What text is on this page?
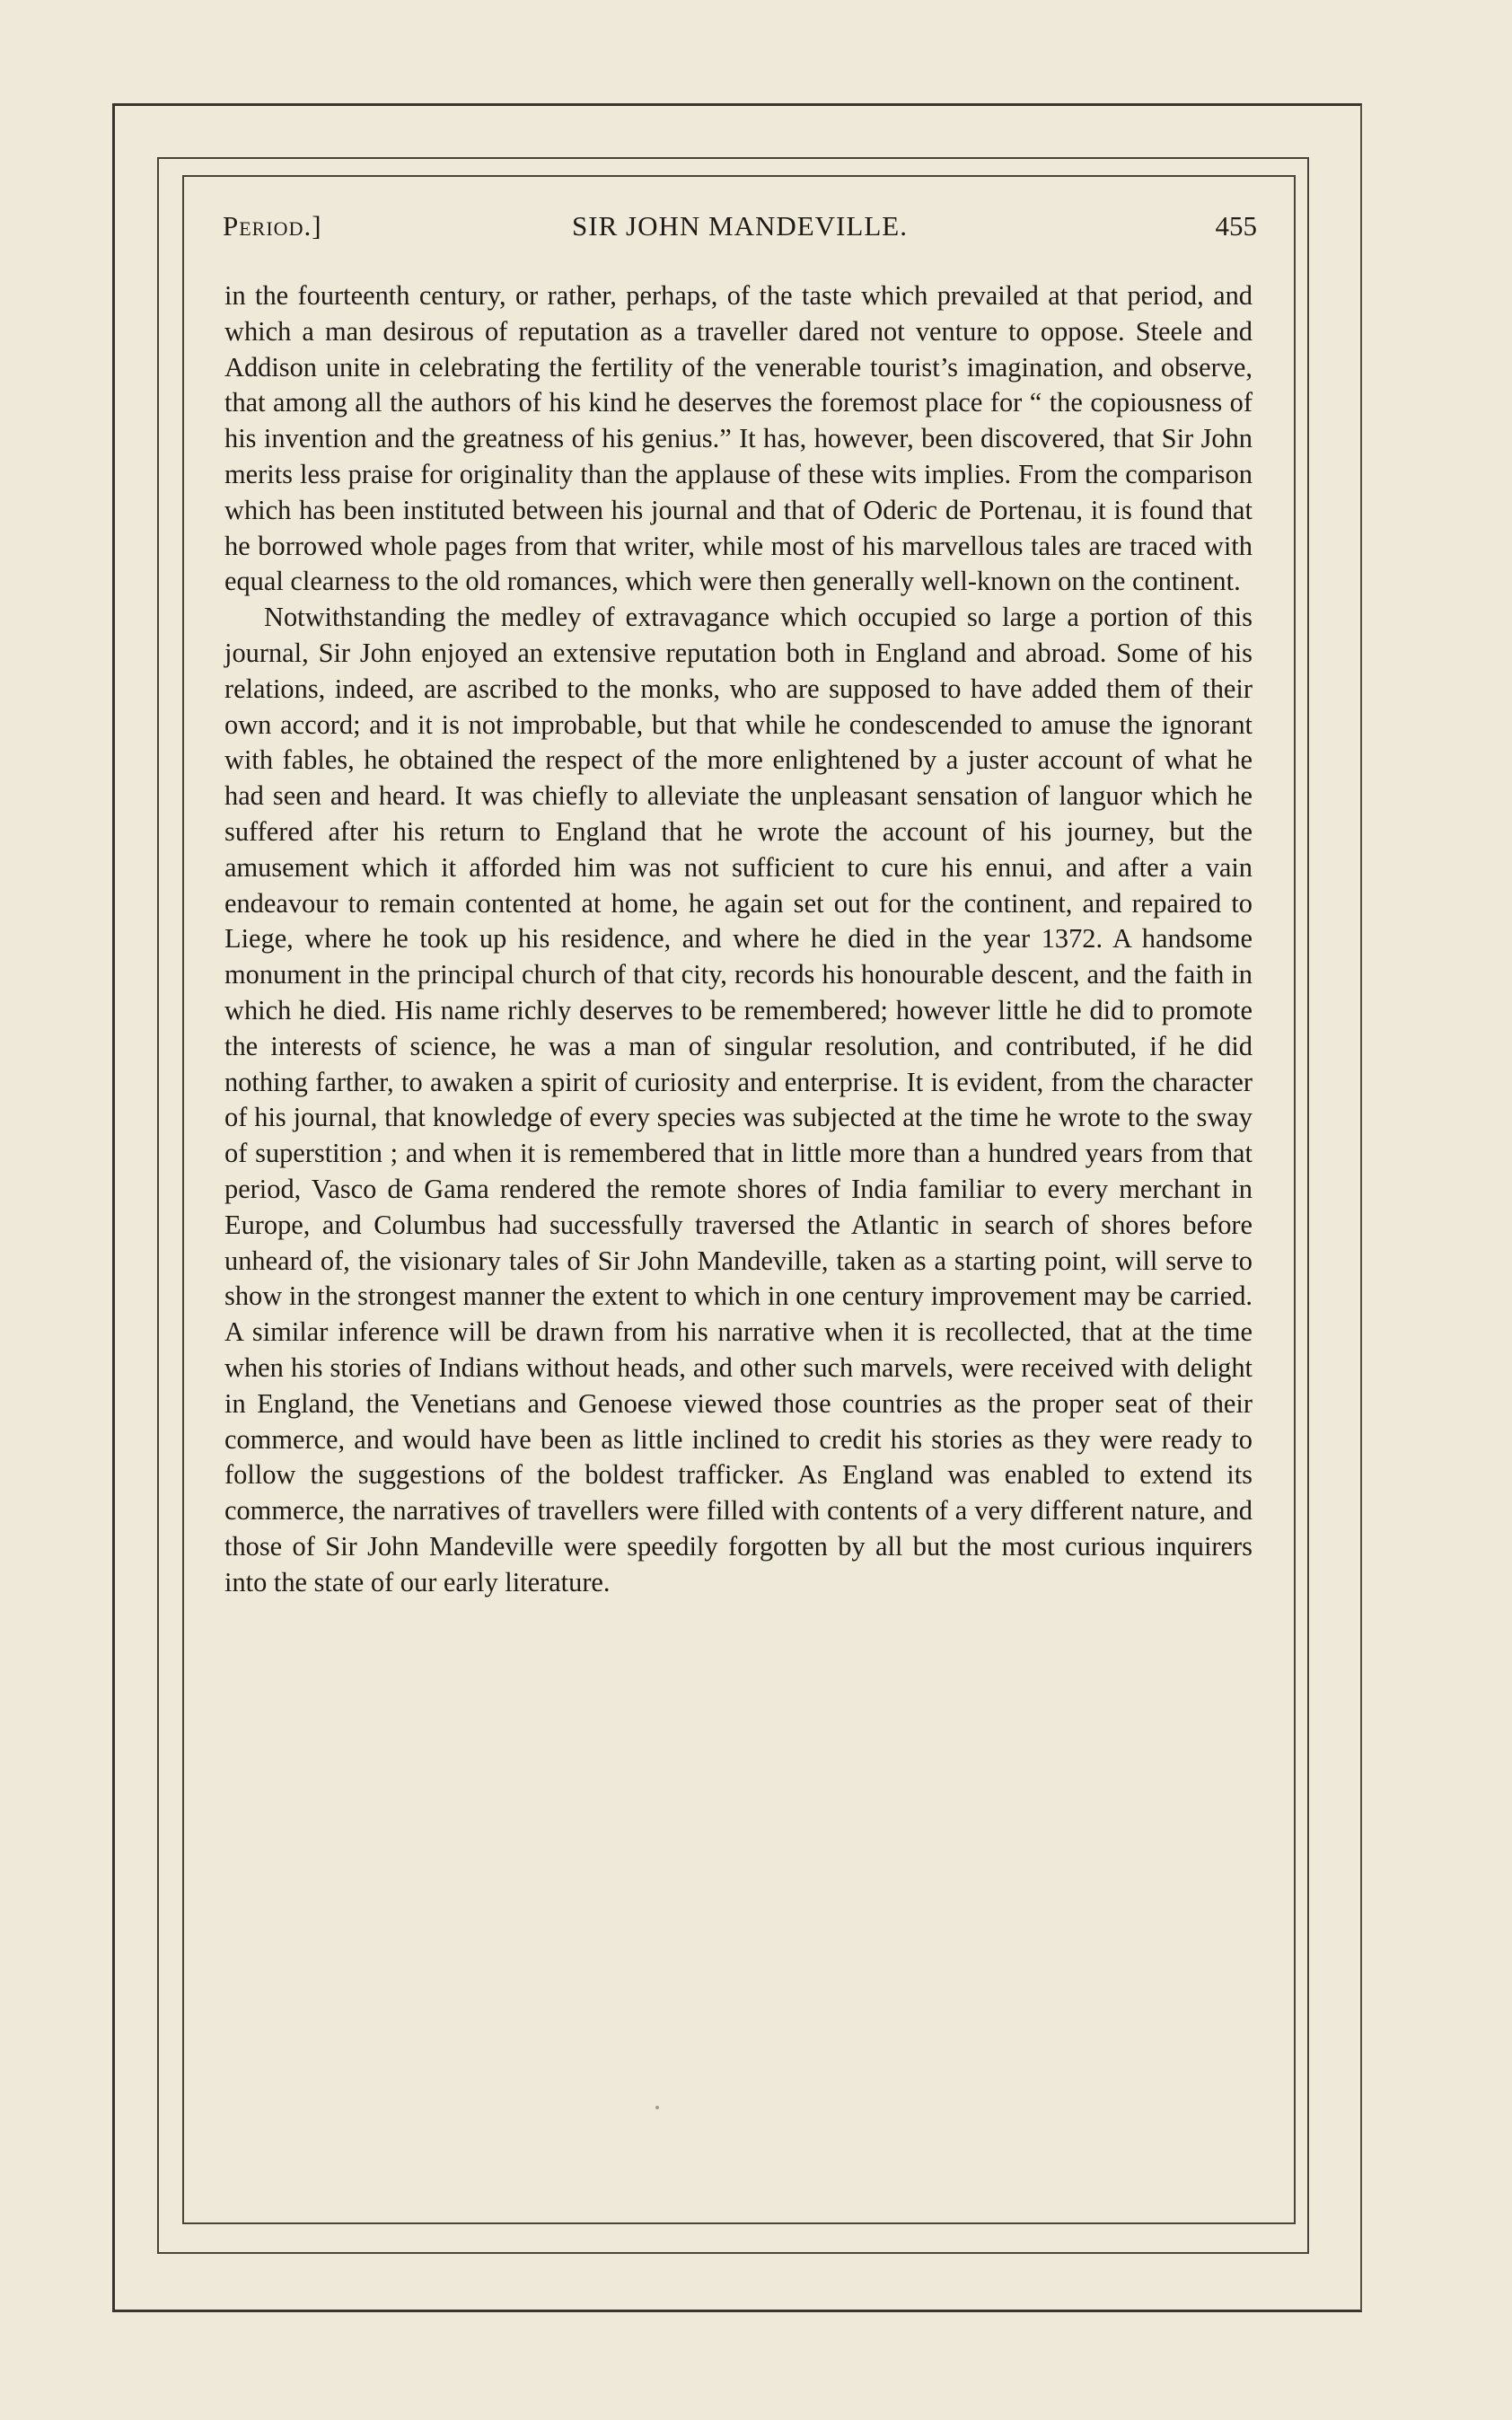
Period.]	SIR JOHN MANDEVILLE.	455

in the fourteenth century, or rather, perhaps, of the taste which prevailed at that period, and which a man desirous of reputation as a traveller dared not venture to oppose. Steele and Addison unite in celebrating the fertility of the venerable tourist’s imagination, and observe, that among all the authors of his kind he deserves the foremost place for “ the copiousness of his invention and the greatness of his genius.” It has, however, been discovered, that Sir John merits less praise for originality than the applause of these wits implies. From the comparison which has been instituted between his journal and that of Oderic de Portenau, it is found that he borrowed whole pages from that writer, while most of his marvellous tales are traced with equal clearness to the old romances, which were then generally well-known on the continent.

Notwithstanding the medley of extravagance which occupied so large a portion of this journal, Sir John enjoyed an extensive reputation both in England and abroad. Some of his relations, indeed, are ascribed to the monks, who are supposed to have added them of their own accord; and it is not improbable, but that while he condescended to amuse the ignorant with fables, he obtained the respect of the more enlightened by a juster account of what he had seen and heard. It was chiefly to alleviate the unpleasant sensation of languor which he suffered after his return to England that he wrote the account of his journey, but the amusement which it afforded him was not sufficient to cure his ennui, and after a vain endeavour to remain contented at home, he again set out for the continent, and repaired to Liege, where he took up his residence, and where he died in the year 1372. A handsome monument in the principal church of that city, records his honourable descent, and the faith in which he died. His name richly deserves to be remembered; however little he did to promote the interests of science, he was a man of singular resolution, and contributed, if he did nothing farther, to awaken a spirit of curiosity and enterprise. It is evident, from the character of his journal, that knowledge of every species was subjected at the time he wrote to the sway of superstition ; and when it is remembered that in little more than a hundred years from that period, Vasco de Gama rendered the remote shores of India familiar to every merchant in Europe, and Columbus had successfully traversed the Atlantic in search of shores before unheard of, the visionary tales of Sir John Mandeville, taken as a starting point, will serve to show in the strongest manner the extent to which in one century improvement may be carried. A similar inference will be drawn from his narrative when it is recollected, that at the time when his stories of Indians without heads, and other such marvels, were received with delight in England, the Venetians and Genoese viewed those countries as the proper seat of their commerce, and would have been as little inclined to credit his stories as they were ready to follow the suggestions of the boldest trafficker. As England was enabled to extend its commerce, the narratives of travellers were filled with contents of a very different nature, and those of Sir John Mandeville were speedily forgotten by all but the most curious inquirers into the state of our early literature.
